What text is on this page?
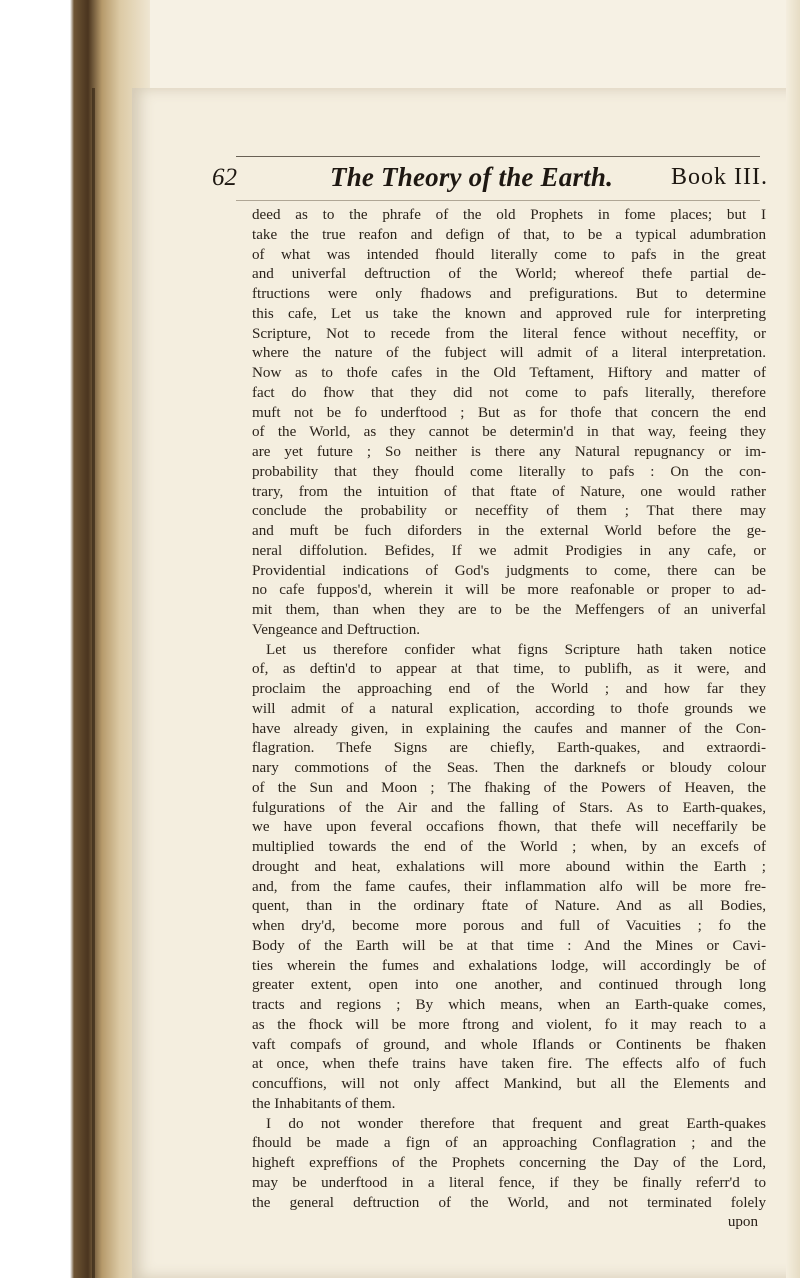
62	The Theory of the Earth. Book III.
deed as to the phrafe of the old Prophets in fome places; but I
take the true reafon and defign of that, to be a typical adumbration
of what was intended fhould literally come to pafs in the great
and univerfal deftruction of the World; whereof thefe partial de-
ftructions were only fhadows and prefigurations. But to determine
this cafe, Let us take the known and approved rule for interpreting
Scripture, Not to recede from the literal fence without neceffity, or
where the nature of the fubject will admit of a literal interpretation.
Now as to thofe cafes in the Old Teftament, Hiftory and matter of
fact do fhow that they did not come to pafs literally, therefore
muft not be fo underftood ; But as for thofe that concern the end
of the World, as they cannot be determin'd in that way, feeing they
are yet future ; So neither is there any Natural repugnancy or im-
probability that they fhould come literally to pafs : On the con-
trary, from the intuition of that ftate of Nature, one would rather
conclude the probability or neceffity of them ; That there may
and muft be fuch diforders in the external World before the ge-
neral diffolution. Befides, If we admit Prodigies in any cafe, or
Providential indications of God's judgments to come, there can be
no cafe fuppos'd, wherein it will be more reafonable or proper to ad-
mit them, than when they are to be the Meffengers of an univerfal
Vengeance and Deftruction.
Let us therefore confider what figns Scripture hath taken notice
of, as deftin'd to appear at that time, to publifh, as it were, and
proclaim the approaching end of the World ; and how far they
will admit of a natural explication, according to thofe grounds we
have already given, in explaining the caufes and manner of the Con-
flagration. Thefe Signs are chiefly, Earth-quakes, and extraordi-
nary commotions of the Seas. Then the darknefs or bloudy colour
of the Sun and Moon ; The fhaking of the Powers of Heaven, the
fulgurations of the Air and the falling of Stars. As to Earth-quakes,
we have upon feveral occafions fhown, that thefe will neceffarily be
multiplied towards the end of the World ; when, by an excefs of
drought and heat, exhalations will more abound within the Earth ;
and, from the fame caufes, their inflammation alfo will be more fre-
quent, than in the ordinary ftate of Nature. And as all Bodies,
when dry'd, become more porous and full of Vacuities ; fo the
Body of the Earth will be at that time : And the Mines or Cavi-
ties wherein the fumes and exhalations lodge, will accordingly be of
greater extent, open into one another, and continued through long
tracts and regions ; By which means, when an Earth-quake comes,
as the fhock will be more ftrong and violent, fo it may reach to a
vaft compafs of ground, and whole Iflands or Continents be fhaken
at once, when thefe trains have taken fire. The effects alfo of fuch
concuffions, will not only affect Mankind, but all the Elements and
the Inhabitants of them.
I do not wonder therefore that frequent and great Earth-quakes
fhould be made a fign of an approaching Conflagration ; and the
higheft expreffions of the Prophets concerning the Day of the Lord,
may be underftood in a literal fence, if they be finally referr'd to
the general deftruction of the World, and not terminated folely
upon
